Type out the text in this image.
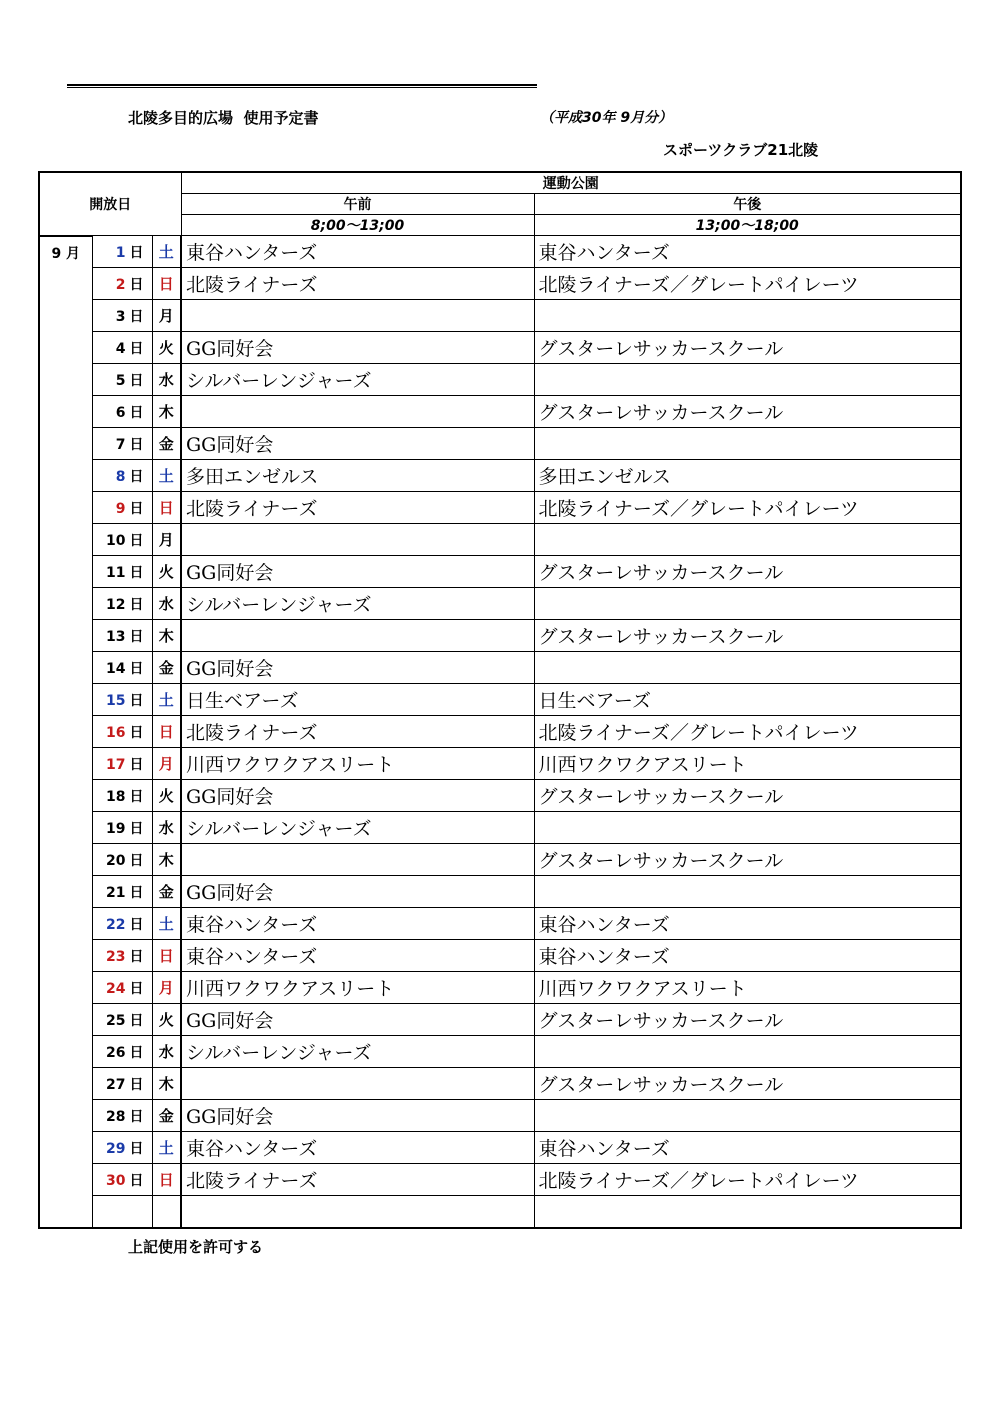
北陵多目的広場  使用予定書	（平成30年 9月分）
スポーツクラブ21北陵
開放日			運動公園	
			午前	午後
			8;00～13;00	13;00～18;00
9 月	1 日	土	東谷ハンターズ	東谷ハンターズ
	2 日	日	北陵ライナーズ	北陵ライナーズ／グレートパイレーツ
	3 日	月		
	4 日	火	GG同好会	グスターレサッカースクール
	5 日	水	シルバーレンジャーズ	
	6 日	木		グスターレサッカースクール
	7 日	金	GG同好会	
	8 日	土	多田エンゼルス	多田エンゼルス
	9 日	日	北陵ライナーズ	北陵ライナーズ／グレートパイレーツ
	10 日	月		
	11 日	火	GG同好会	グスターレサッカースクール
	12 日	水	シルバーレンジャーズ	
	13 日	木		グスターレサッカースクール
	14 日	金	GG同好会	
	15 日	土	日生ベアーズ	日生ベアーズ
	16 日	日	北陵ライナーズ	北陵ライナーズ／グレートパイレーツ
	17 日	月	川西ワクワクアスリート	川西ワクワクアスリート
	18 日	火	GG同好会	グスターレサッカースクール
	19 日	水	シルバーレンジャーズ	
	20 日	木		グスターレサッカースクール
	21 日	金	GG同好会	
	22 日	土	東谷ハンターズ	東谷ハンターズ
	23 日	日	東谷ハンターズ	東谷ハンターズ
	24 日	月	川西ワクワクアスリート	川西ワクワクアスリート
	25 日	火	GG同好会	グスターレサッカースクール
	26 日	水	シルバーレンジャーズ	
	27 日	木		グスターレサッカースクール
	28 日	金	GG同好会	
	29 日	土	東谷ハンターズ	東谷ハンターズ
	30 日	日	北陵ライナーズ	北陵ライナーズ／グレートパイレーツ

上記使用を許可する
